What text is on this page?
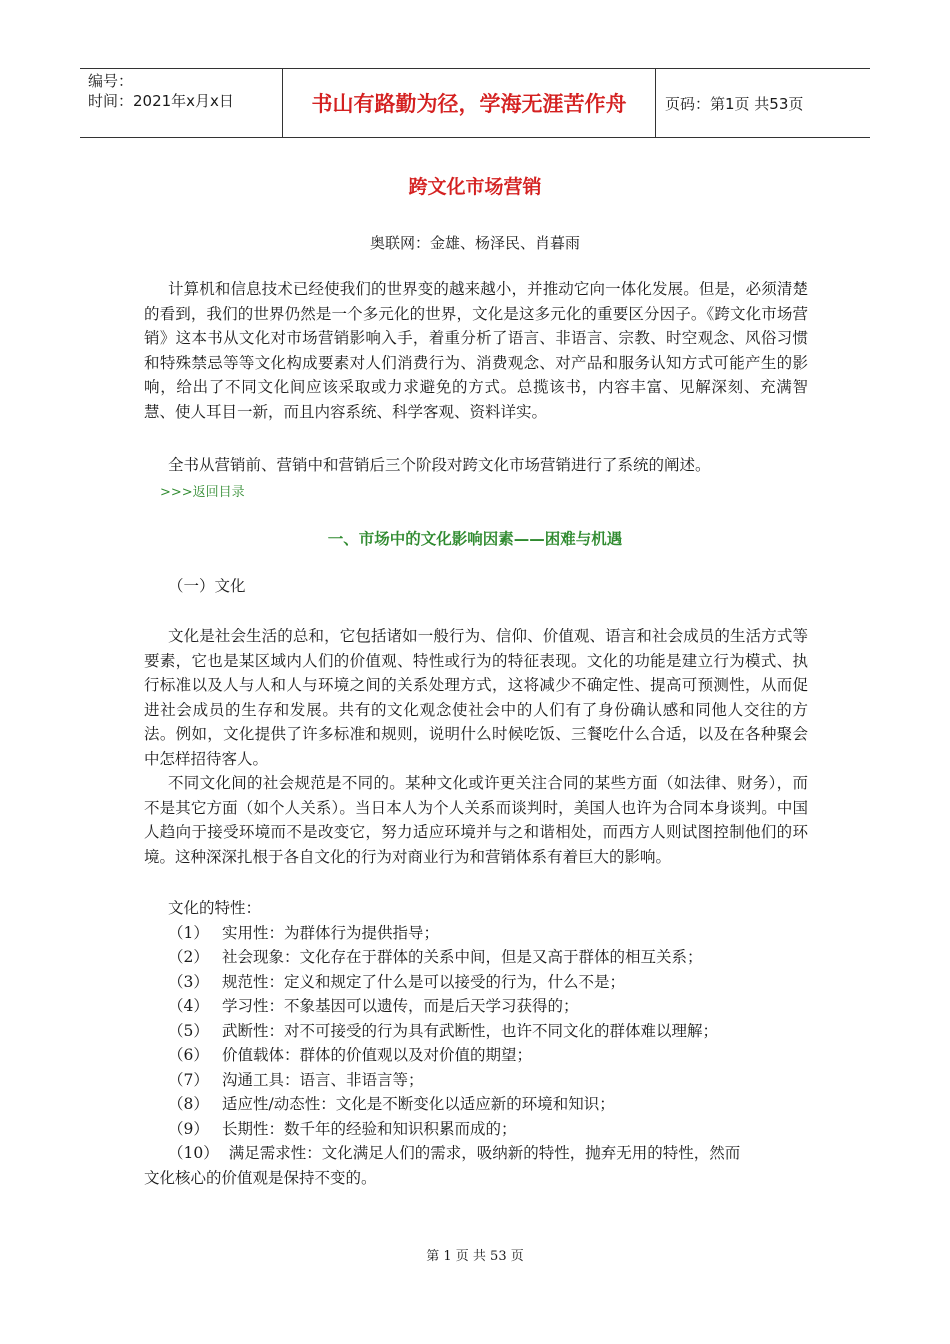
编号：
时间：2021年x月x日	书山有路勤为径，学海无涯苦作舟	页码：第1页 共53页
跨文化市场营销
奥联网：金雄、杨泽民、肖暮雨

计算机和信息技术已经使我们的世界变的越来越小，并推动它向一体化发展。但是，必须清楚的看到，我们的世界仍然是一个多元化的世界，文化是这多元化的重要区分因子。《跨文化市场营销》这本书从文化对市场营销影响入手，着重分析了语言、非语言、宗教、时空观念、风俗习惯和特殊禁忌等等文化构成要素对人们消费行为、消费观念、对产品和服务认知方式可能产生的影响，给出了不同文化间应该采取或力求避免的方式。总揽该书，内容丰富、见解深刻、充满智慧、使人耳目一新，而且内容系统、科学客观、资料详实。

全书从营销前、营销中和营销后三个阶段对跨文化市场营销进行了系统的阐述。

>>>返回目录
一、市场中的文化影响因素——困难与机遇
（一）文化

文化是社会生活的总和，它包括诸如一般行为、信仰、价值观、语言和社会成员的生活方式等要素，它也是某区域内人们的价值观、特性或行为的特征表现。文化的功能是建立行为模式、执行标准以及人与人和人与环境之间的关系处理方式，这将减少不确定性、提高可预测性，从而促进社会成员的生存和发展。共有的文化观念使社会中的人们有了身份确认感和同他人交往的方法。例如，文化提供了许多标准和规则，说明什么时候吃饭、三餐吃什么合适，以及在各种聚会中怎样招待客人。

不同文化间的社会规范是不同的。某种文化或许更关注合同的某些方面（如法律、财务），而不是其它方面（如个人关系）。当日本人为个人关系而谈判时，美国人也许为合同本身谈判。中国人趋向于接受环境而不是改变它，努力适应环境并与之和谐相处，而西方人则试图控制他们的环境。这种深深扎根于各自文化的行为对商业行为和营销体系有着巨大的影响。

文化的特性：
（1） 实用性：为群体行为提供指导；
（2） 社会现象：文化存在于群体的关系中间，但是又高于群体的相互关系；
（3） 规范性：定义和规定了什么是可以接受的行为，什么不是；
（4） 学习性：不象基因可以遗传，而是后天学习获得的；
（5） 武断性：对不可接受的行为具有武断性，也许不同文化的群体难以理解；
（6） 价值载体：群体的价值观以及对价值的期望；
（7） 沟通工具：语言、非语言等；
（8） 适应性/动态性：文化是不断变化以适应新的环境和知识；
（9） 长期性：数千年的经验和知识积累而成的；
（10） 满足需求性：文化满足人们的需求，吸纳新的特性，抛弃无用的特性，然而
文化核心的价值观是保持不变的。
第 1 页 共 53 页
